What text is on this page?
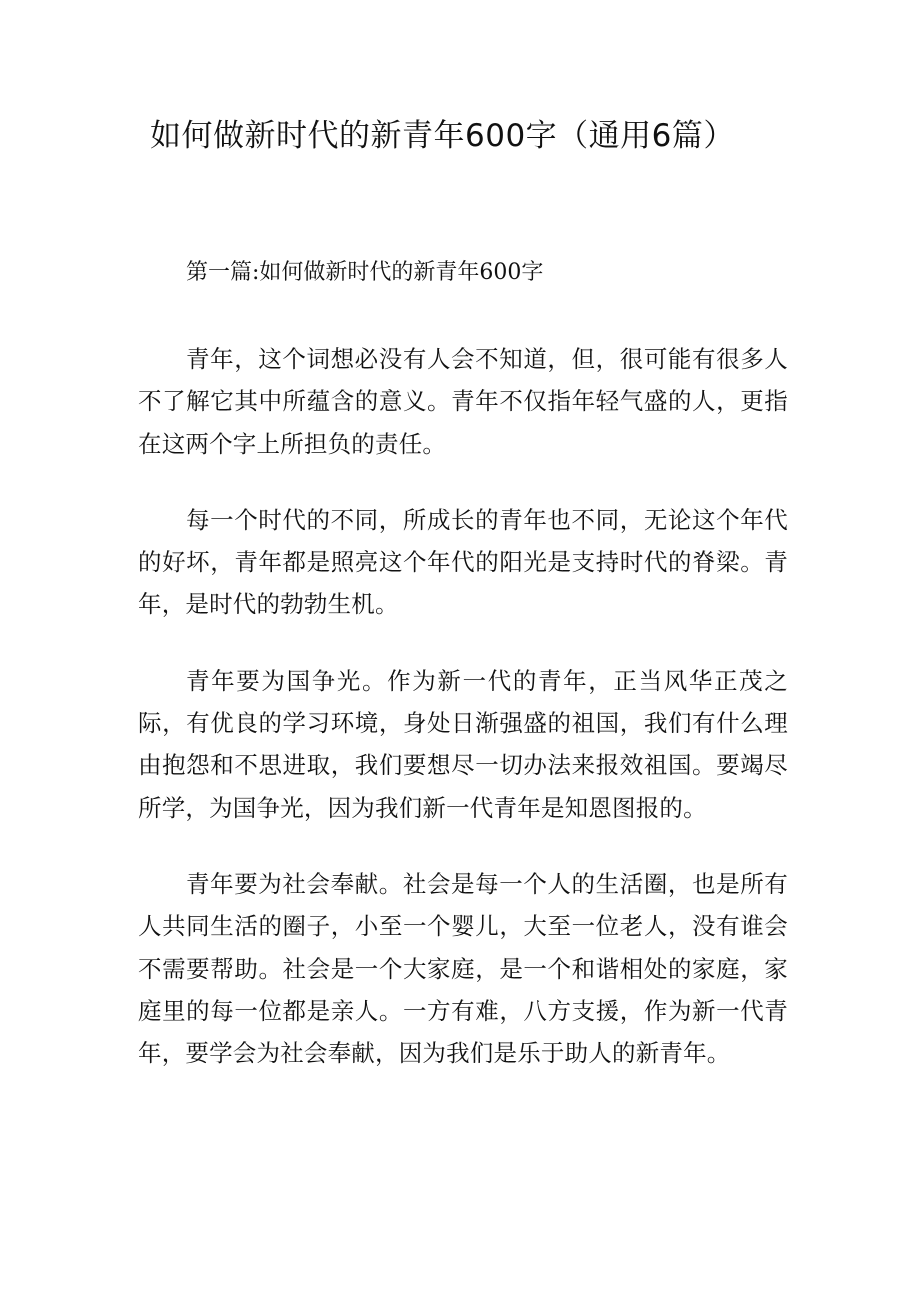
如何做新时代的新青年600字（通用6篇）
第一篇:如何做新时代的新青年600字

青年，这个词想必没有人会不知道，但，很可能有很多人不了解它其中所蕴含的意义。青年不仅指年轻气盛的人，更指在这两个字上所担负的责任。

每一个时代的不同，所成长的青年也不同，无论这个年代的好坏，青年都是照亮这个年代的阳光是支持时代的脊梁。青年，是时代的勃勃生机。

青年要为国争光。作为新一代的青年，正当风华正茂之际，有优良的学习环境，身处日渐强盛的祖国，我们有什么理由抱怨和不思进取，我们要想尽一切办法来报效祖国。要竭尽所学，为国争光，因为我们新一代青年是知恩图报的。

青年要为社会奉献。社会是每一个人的生活圈，也是所有人共同生活的圈子，小至一个婴儿，大至一位老人，没有谁会不需要帮助。社会是一个大家庭，是一个和谐相处的家庭，家庭里的每一位都是亲人。一方有难，八方支援，作为新一代青年，要学会为社会奉献，因为我们是乐于助人的新青年。
